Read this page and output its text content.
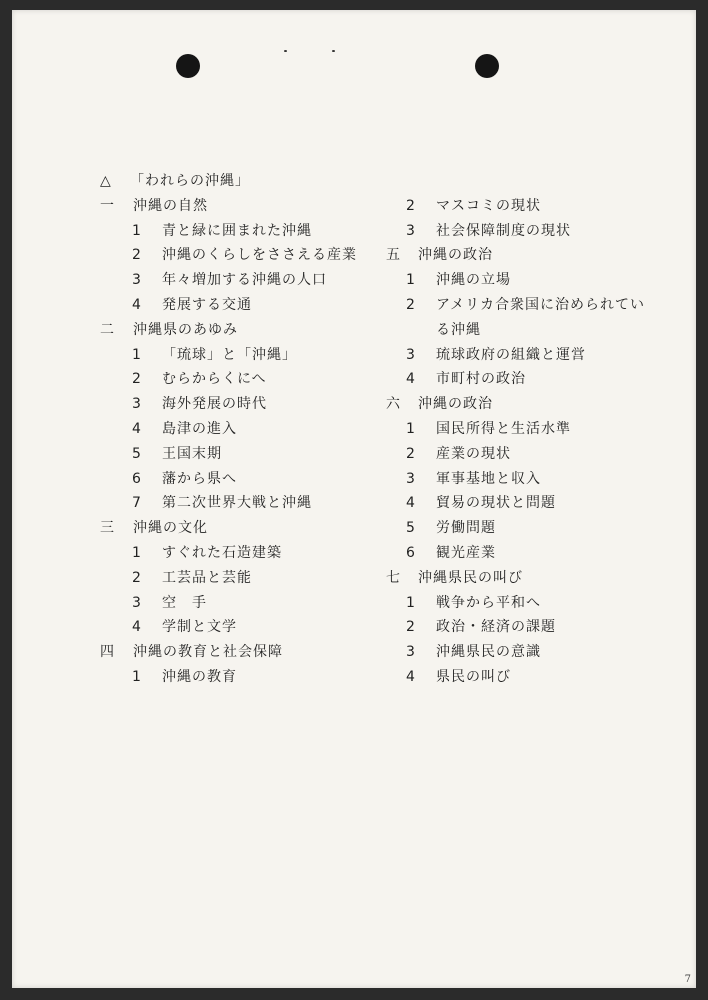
△ 「われらの沖縄」
一 沖縄の自然
1 青と緑に囲まれた沖縄
2 沖縄のくらしをささえる産業
3 年々増加する沖縄の人口
4 発展する交通
二 沖縄県のあゆみ
1 「琉球」と「沖縄」
2 むらからくにへ
3 海外発展の時代
4 島津の進入
5 王国末期
6 藩から県へ
7 第二次世界大戦と沖縄
三 沖縄の文化
1 すぐれた石造建築
2 工芸品と芸能
3 空　手
4 学制と文学
四 沖縄の教育と社会保障
1 沖縄の教育
2 マスコミの現状
3 社会保障制度の現状
五 沖縄の政治
1 沖縄の立場
2 アメリカ合衆国に治められてい
る沖縄
3 琉球政府の組織と運営
4 市町村の政治
六 沖縄の政治
1 国民所得と生活水準
2 産業の現状
3 軍事基地と収入
4 貿易の現状と問題
5 労働問題
6 観光産業
七 沖縄県民の叫び
1 戦争から平和へ
2 政治・経済の課題
3 沖縄県民の意識
4 県民の叫び
7
